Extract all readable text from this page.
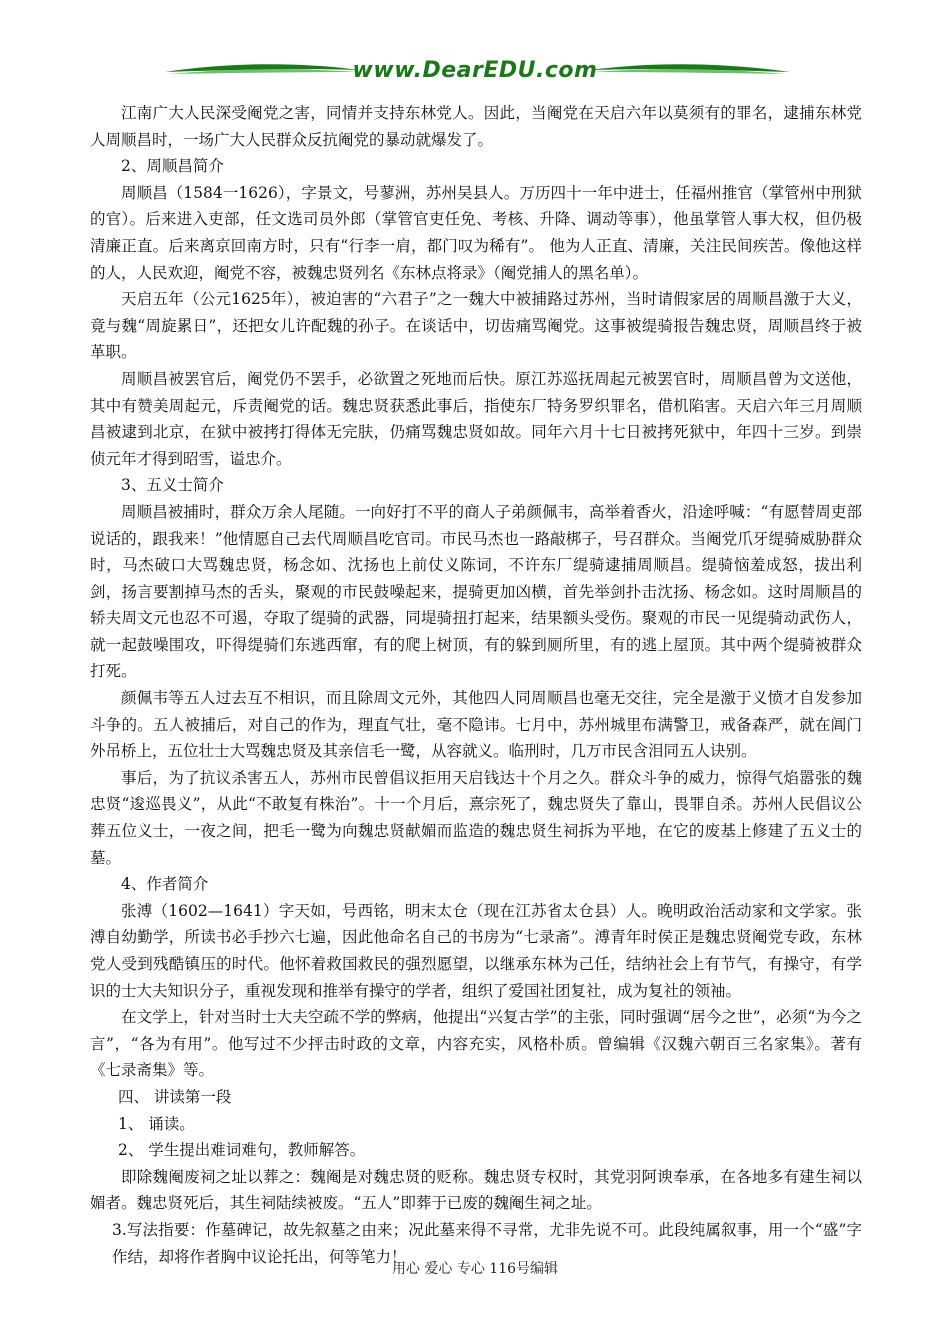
www.DearEDU.com

江南广大人民深受阉党之害，同情并支持东林党人。因此，当阉党在天启六年以莫须有的罪名，逮捕东林党人周顺昌时，一场广大人民群众反抗阉党的暴动就爆发了。

2、周顺昌简介

周顺昌（1584一1626），字景文，号蓼洲，苏州吴县人。万历四十一年中进士，任福州推官（掌管州中刑狱的官）。后来进入吏部，任文选司员外郎（掌管官吏任免、考核、升降、调动等事），他虽掌管人事大权，但仍极清廉正直。后来离京回南方时，只有“行李一肩，都门叹为稀有”。 他为人正直、清廉，关注民间疾苦。像他这样的人，人民欢迎，阉党不容，被魏忠贤列名《东林点将录》（阉党捕人的黑名单）。

天启五年（公元1625年），被迫害的“六君子”之一魏大中被捕路过苏州，当时请假家居的周顺昌激于大义，竟与魏“周旋累日”，还把女儿许配魏的孙子。在谈话中，切齿痛骂阉党。这事被缇骑报告魏忠贤，周顺昌终于被革职。

周顺昌被罢官后，阉党仍不罢手，必欲置之死地而后快。原江苏巡抚周起元被罢官时，周顺昌曾为文送他，其中有赞美周起元，斥责阉党的话。魏忠贤获悉此事后，指使东厂特务罗织罪名，借机陷害。天启六年三月周顺昌被逮到北京，在狱中被拷打得体无完肤，仍痛骂魏忠贤如故。同年六月十七日被拷死狱中，年四十三岁。到崇侦元年才得到昭雪，谥忠介。

3、五义士简介

周顺昌被捕时，群众万余人尾随。一向好打不平的商人子弟颜佩韦，高举着香火，沿途呼喊：“有愿替周吏部说话的，跟我来！”他情愿自己去代周顺昌吃官司。市民马杰也一路敲梆子，号召群众。当阉党爪牙缇骑威胁群众时，马杰破口大骂魏忠贤，杨念如、沈扬也上前仗义陈词，不许东厂缇骑逮捕周顺昌。缇骑恼羞成怒，拔出利剑，扬言要割掉马杰的舌头，聚观的市民鼓噪起来，提骑更加凶横，首先举剑扑击沈扬、杨念如。这时周顺昌的轿夫周文元也忍不可遏，夺取了缇骑的武器，同堤骑扭打起来，结果额头受伤。聚观的市民一见缇骑动武伤人，就一起鼓噪围攻，吓得缇骑们东逃西窜，有的爬上树顶，有的躲到厕所里，有的逃上屋顶。其中两个缇骑被群众打死。

颜佩韦等五人过去互不相识，而且除周文元外，其他四人同周顺昌也毫无交往，完全是激于义愤才自发参加斗争的。五人被捕后，对自己的作为，理直气壮，毫不隐讳。七月中，苏州城里布满警卫，戒备森严，就在阊门外吊桥上，五位壮士大骂魏忠贤及其亲信毛一鹭，从容就义。临刑时，几万市民含泪同五人诀别。

事后，为了抗议杀害五人，苏州市民曾倡议拒用天启钱达十个月之久。群众斗争的威力，惊得气焰嚣张的魏忠贤“逡巡畏义”，从此“不敢复有株治”。十一个月后，熹宗死了，魏忠贤失了靠山，畏罪自杀。苏州人民倡议公葬五位义士，一夜之间，把毛一鹭为向魏忠贤献媚而监造的魏忠贤生祠拆为平地，在它的废基上修建了五义士的墓。

4、作者简介

张溥（1602—1641）字天如，号西铭，明末太仓（现在江苏省太仓县）人。晚明政治活动家和文学家。张溥自幼勤学，所读书必手抄六七遍，因此他命名自己的书房为“七录斋”。溥青年时侯正是魏忠贤阉党专政，东林党人受到残酷镇压的时代。他怀着救国救民的强烈愿望，以继承东林为己任，结纳社会上有节气，有操守，有学识的士大夫知识分子，重视发现和推举有操守的学者，组织了爱国社团复社，成为复社的领袖。

在文学上，针对当时士大夫空疏不学的弊病，他提出“兴复古学”的主张，同时强调“居今之世”，必须“为今之言”，“各为有用”。他写过不少抨击时政的文章，内容充实，风格朴质。曾编辑《汉魏六朝百三名家集》。著有《七录斋集》等。

四、 讲读第一段

1、 诵读。

2、 学生提出难词难句，教师解答。

即除魏阉废祠之址以葬之：魏阉是对魏忠贤的贬称。魏忠贤专权时，其党羽阿谀奉承，在各地多有建生祠以媚者。魏忠贤死后，其生祠陆续被废。“五人”即葬于已废的魏阉生祠之址。

3.写法指要：作墓碑记，故先叙墓之由来；况此墓来得不寻常，尤非先说不可。此段纯属叙事，用一个“盛”字作结，却将作者胸中议论托出，何等笔力！

用心 爱心 专心 116号编辑
